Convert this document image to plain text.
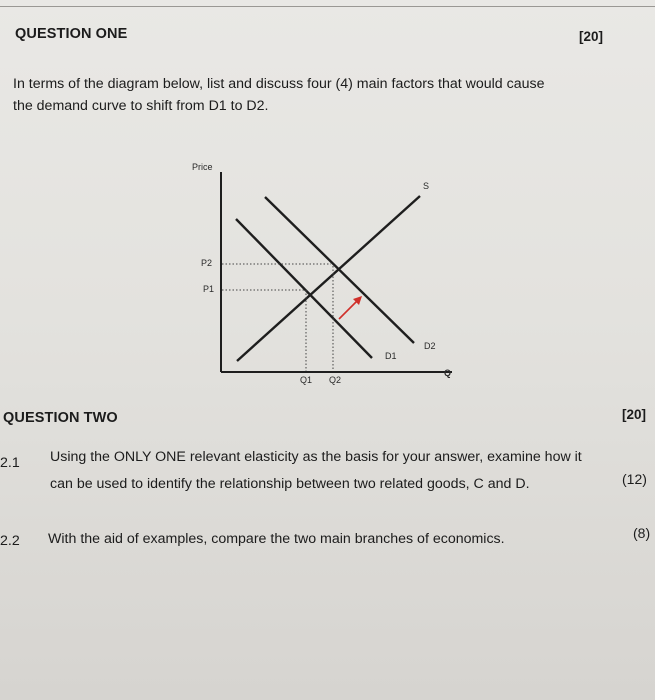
QUESTION ONE	[20]
In terms of the diagram below, list and discuss four (4) main factors that would cause
the demand curve to shift from D1 to D2.
Price
P2
P1
S
D1
D2
Q1 Q2
Q
QUESTION TWO	[20]
2.1 Using the ONLY ONE relevant elasticity as the basis for your answer, examine how it
can be used to identify the relationship between two related goods, C and D.	(12)
2.2 With the aid of examples, compare the two main branches of economics.	(8)
